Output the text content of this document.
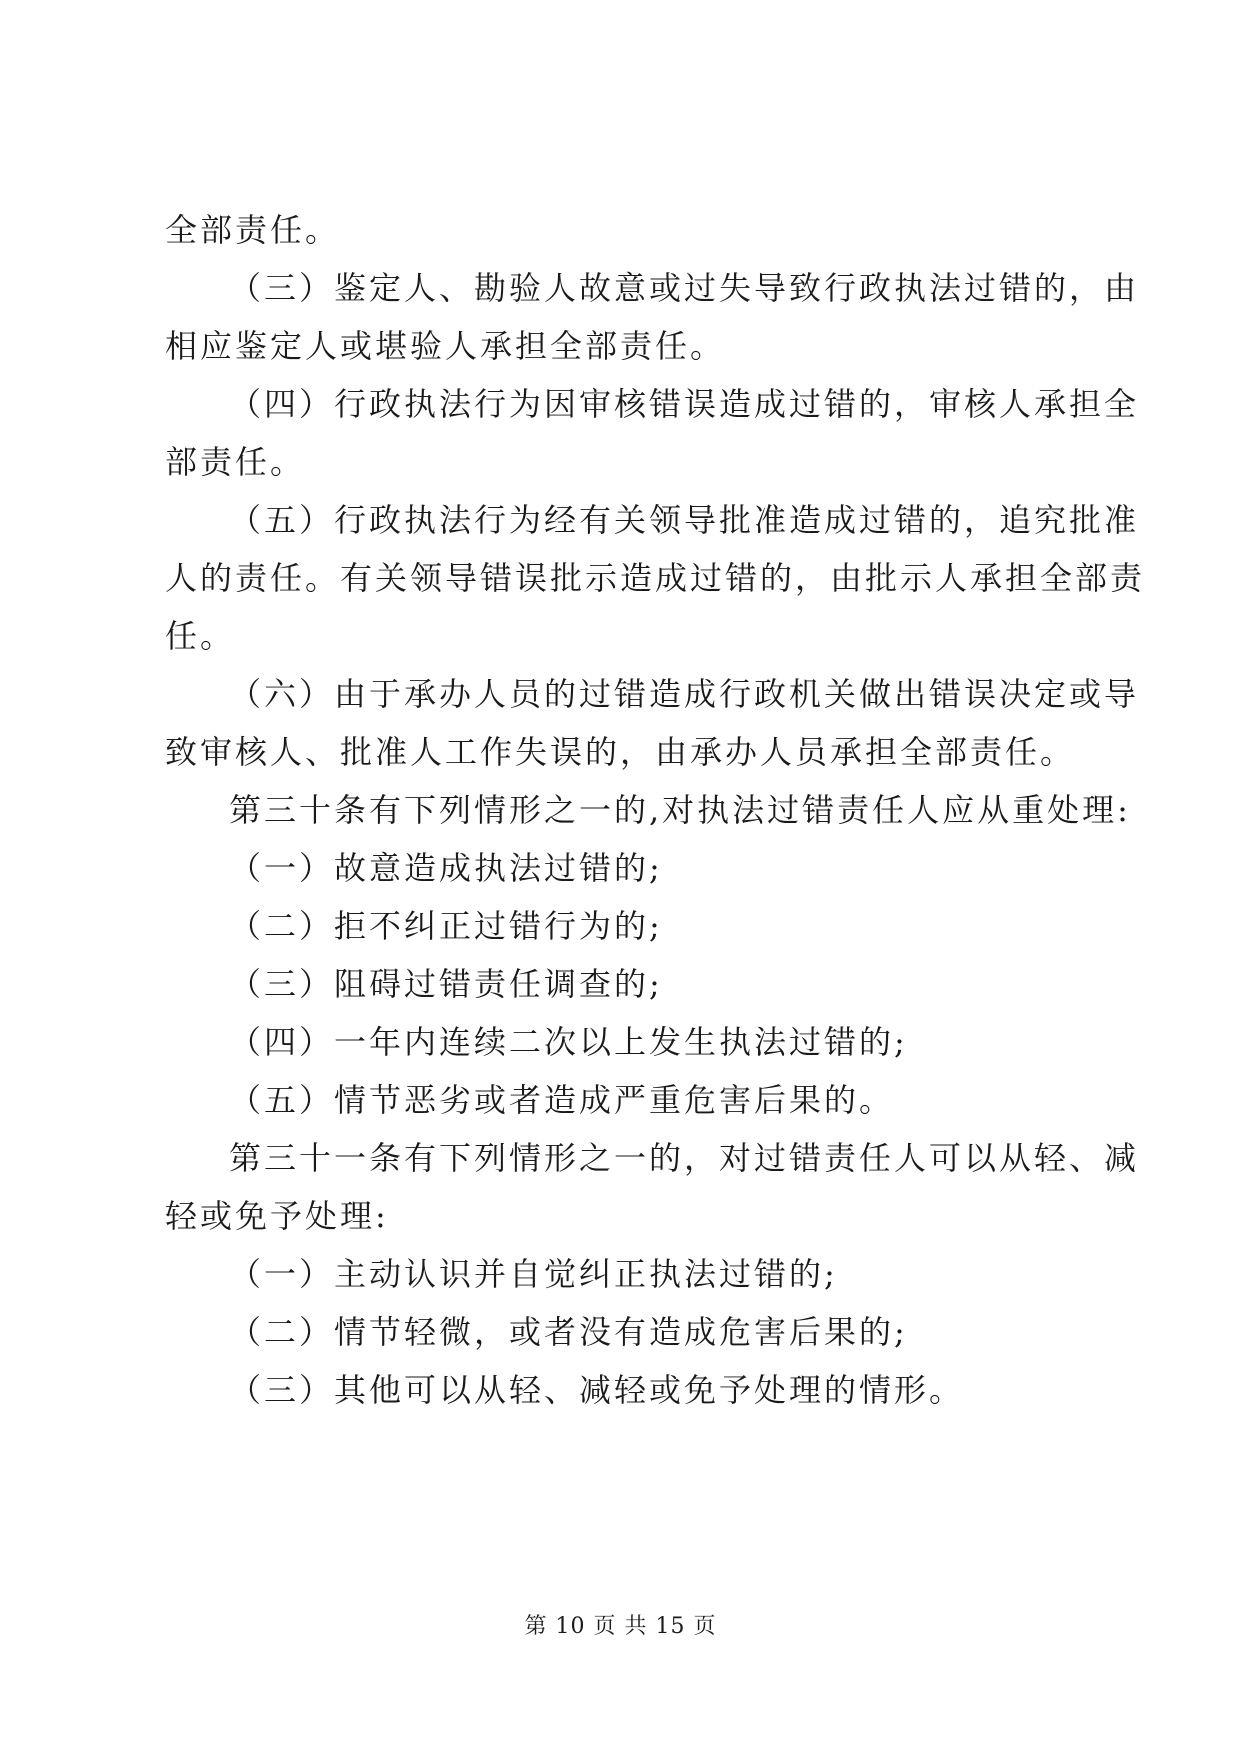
全部责任。
（三）鉴定人、勘验人故意或过失导致行政执法过错的，由
相应鉴定人或堪验人承担全部责任。
（四）行政执法行为因审核错误造成过错的，审核人承担全
部责任。
（五）行政执法行为经有关领导批准造成过错的，追究批准
人的责任。有关领导错误批示造成过错的，由批示人承担全部责
任。
（六）由于承办人员的过错造成行政机关做出错误决定或导
致审核人、批准人工作失误的，由承办人员承担全部责任。
第三十条有下列情形之一的,对执法过错责任人应从重处理:
（一）故意造成执法过错的;
（二）拒不纠正过错行为的;
（三）阻碍过错责任调查的;
（四）一年内连续二次以上发生执法过错的;
（五）情节恶劣或者造成严重危害后果的。
第三十一条有下列情形之一的，对过错责任人可以从轻、减
轻或免予处理:
（一）主动认识并自觉纠正执法过错的;
（二）情节轻微，或者没有造成危害后果的;
（三）其他可以从轻、减轻或免予处理的情形。
第 10 页 共 15 页
